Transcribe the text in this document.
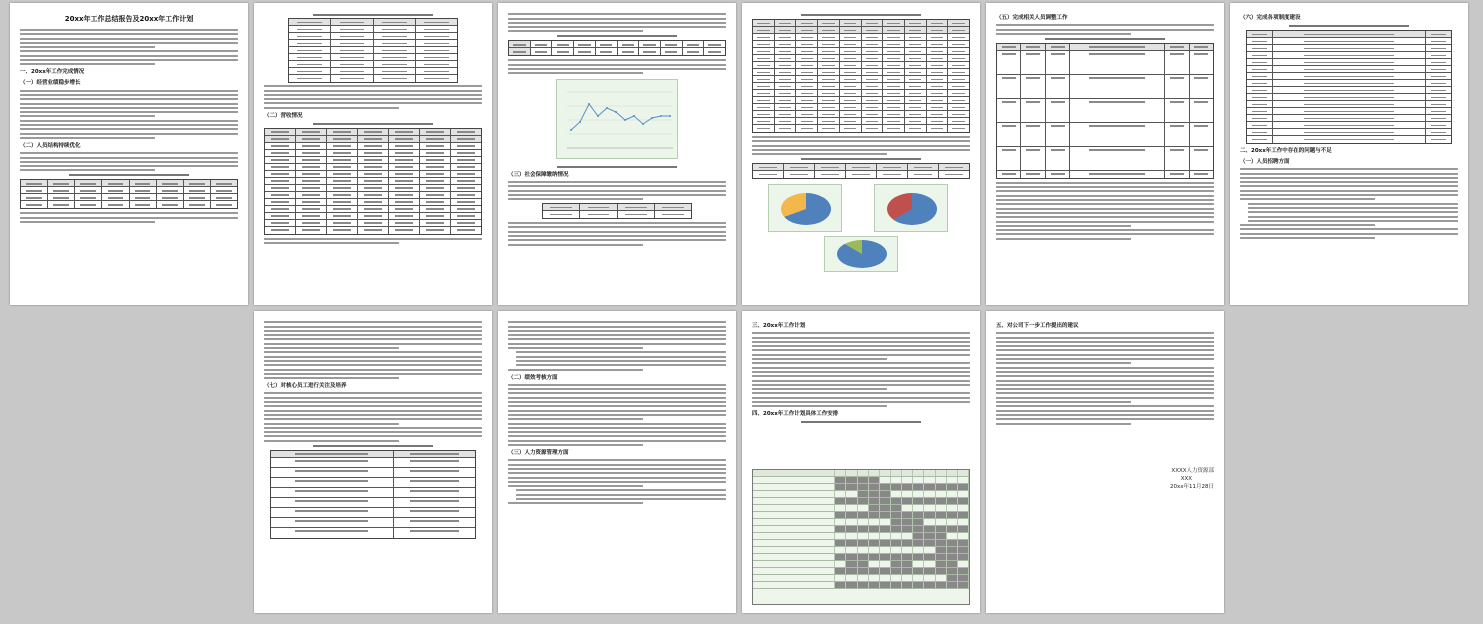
20xx年工作总结报告及20xx年工作计划
一、20xx年工作完成情况
（一）经营业绩稳步增长
（二）人员结构持续优化
（二）营收情况
（三）社会保障缴纳情况
（五）完成相关人员调整工作	（六）完成各项制度建设
二、20xx年工作中存在的问题与不足
（一）人员招聘方面
（七）对核心员工进行关注及培养
（二）绩效考核方面
（三）人力资源管理方面
三、20xx年工作计划
四、20xx年工作计划具体工作安排
五、对公司下一步工作提出的建议
XXXX人力资源部
XXX
20xx年11月28日
